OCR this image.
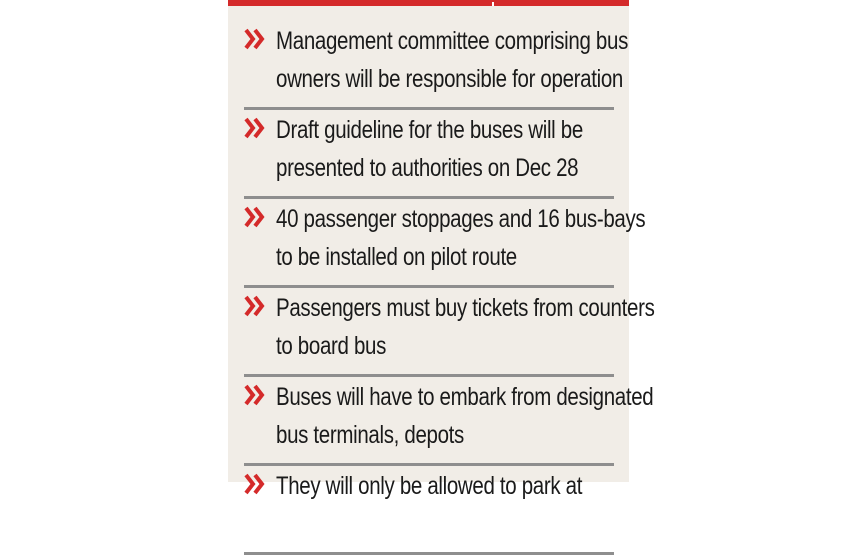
Management committee comprising bus
owners will be responsible for operation
Draft guideline for the buses will be
presented to authorities on Dec 28
40 passenger stoppages and 16 bus-bays
to be installed on pilot route
Passengers must buy tickets from counters
to board bus
Buses will have to embark from designated
bus terminals, depots
They will only be allowed to park at
